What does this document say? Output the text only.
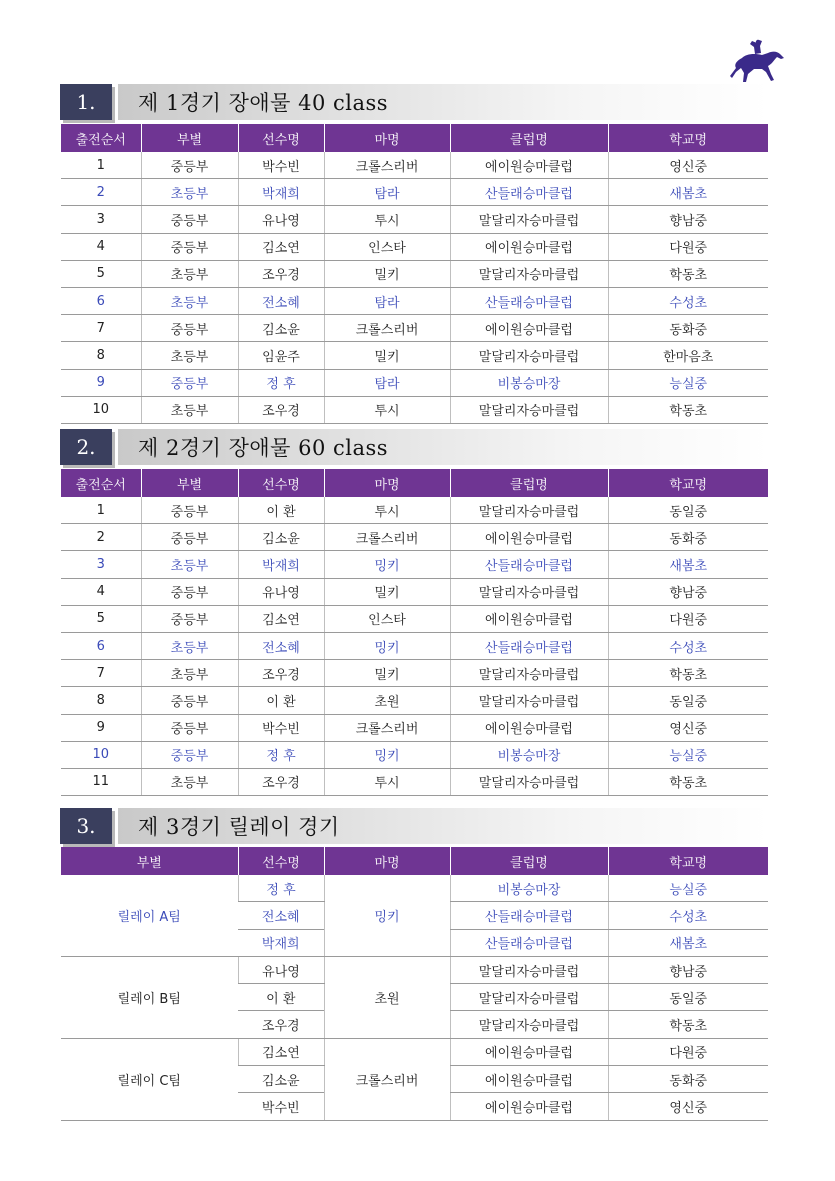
1.	제 1경기 장애물 40 class
출전순서	부별	선수명	마명	클럽명	학교명
1	중등부	박수빈	크롤스리버	에이원승마클럽	영신중
2	초등부	박재희	탐라	산들래승마클럽	새봄초
3	중등부	유나영	투시	말달리자승마클럽	향남중
4	중등부	김소연	인스타	에이원승마클럽	다원중
5	초등부	조우경	밀키	말달리자승마클럽	학동초
6	초등부	전소혜	탐라	산들래승마클럽	수성초
7	중등부	김소윤	크롤스리버	에이원승마클럽	동화중
8	초등부	임윤주	밀키	말달리자승마클럽	한마음초
9	중등부	정 후	탐라	비봉승마장	능실중
10	초등부	조우경	투시	말달리자승마클럽	학동초
2.	제 2경기 장애물 60 class
출전순서	부별	선수명	마명	클럽명	학교명
1	중등부	이 환	투시	말달리자승마클럽	동일중
2	중등부	김소윤	크롤스리버	에이원승마클럽	동화중
3	초등부	박재희	밍키	산들래승마클럽	새봄초
4	중등부	유나영	밀키	말달리자승마클럽	향남중
5	중등부	김소연	인스타	에이원승마클럽	다원중
6	초등부	전소혜	밍키	산들래승마클럽	수성초
7	초등부	조우경	밀키	말달리자승마클럽	학동초
8	중등부	이 환	초원	말달리자승마클럽	동일중
9	중등부	박수빈	크롤스리버	에이원승마클럽	영신중
10	중등부	정 후	밍키	비봉승마장	능실중
11	초등부	조우경	투시	말달리자승마클럽	학동초
3.	제 3경기 릴레이 경기
부별	선수명	마명	클럽명	학교명
릴레이 A팀	정 후	밍키	비봉승마장	능실중
	전소혜		산들래승마클럽	수성초
	박재희		산들래승마클럽	새봄초
릴레이 B팀	유나영	초원	말달리자승마클럽	향남중
	이 환		말달리자승마클럽	동일중
	조우경		말달리자승마클럽	학동초
릴레이 C팀	김소연	크롤스리버	에이원승마클럽	다원중
	김소윤		에이원승마클럽	동화중
	박수빈		에이원승마클럽	영신중
